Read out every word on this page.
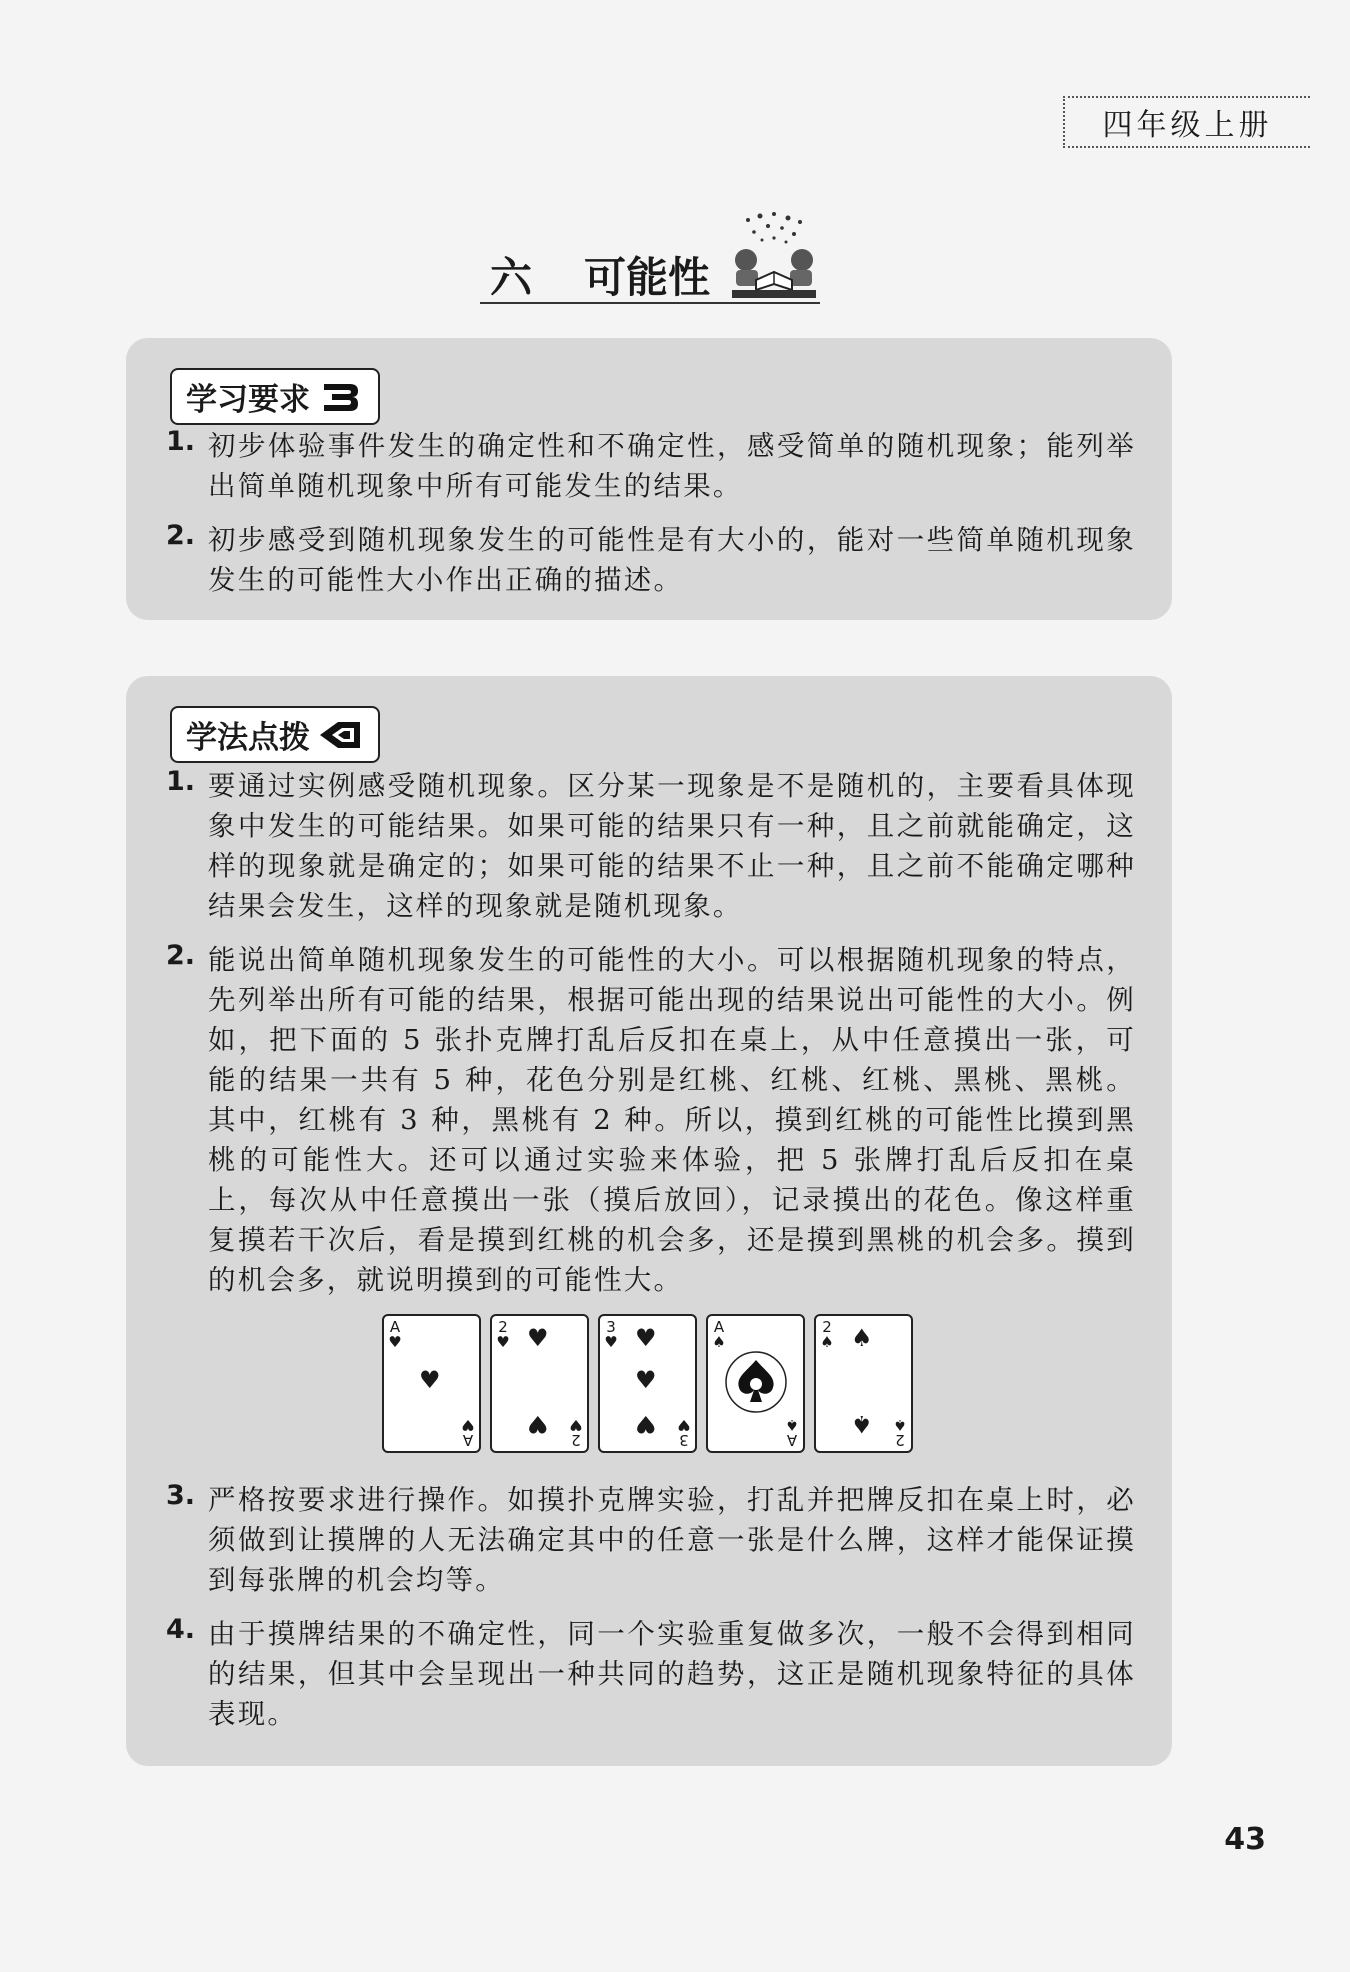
四年级上册
六 可能性
学习要求
1. 初步体验事件发生的确定性和不确定性，感受简单的随机现象；能列举出简单随机现象中所有可能发生的结果。
2. 初步感受到随机现象发生的可能性是有大小的，能对一些简单随机现象发生的可能性大小作出正确的描述。
学法点拨
1. 要通过实例感受随机现象。区分某一现象是不是随机的，主要看具体现象中发生的可能结果。如果可能的结果只有一种，且之前就能确定，这样的现象就是确定的；如果可能的结果不止一种，且之前不能确定哪种结果会发生，这样的现象就是随机现象。
2. 能说出简单随机现象发生的可能性的大小。可以根据随机现象的特点，先列举出所有可能的结果，根据可能出现的结果说出可能性的大小。例如，把下面的 5 张扑克牌打乱后反扣在桌上，从中任意摸出一张，可能的结果一共有 5 种，花色分别是红桃、红桃、红桃、黑桃、黑桃。其中，红桃有 3 种，黑桃有 2 种。所以，摸到红桃的可能性比摸到黑桃的可能性大。还可以通过实验来体验，把 5 张牌打乱后反扣在桌上，每次从中任意摸出一张（摸后放回），记录摸出的花色。像这样重复摸若干次后，看是摸到红桃的机会多，还是摸到黑桃的机会多。摸到的机会多，就说明摸到的可能性大。
A
♥
♥
A
♥
2
♥ ♥
♥
2
♥
3
♥ ♥
♥
♥
3
♥
A
♠
A
♠
2
♠ ♠
♠
2
♠
3. 严格按要求进行操作。如摸扑克牌实验，打乱并把牌反扣在桌上时，必须做到让摸牌的人无法确定其中的任意一张是什么牌，这样才能保证摸到每张牌的机会均等。
4. 由于摸牌结果的不确定性，同一个实验重复做多次，一般不会得到相同的结果，但其中会呈现出一种共同的趋势，这正是随机现象特征的具体表现。
43
